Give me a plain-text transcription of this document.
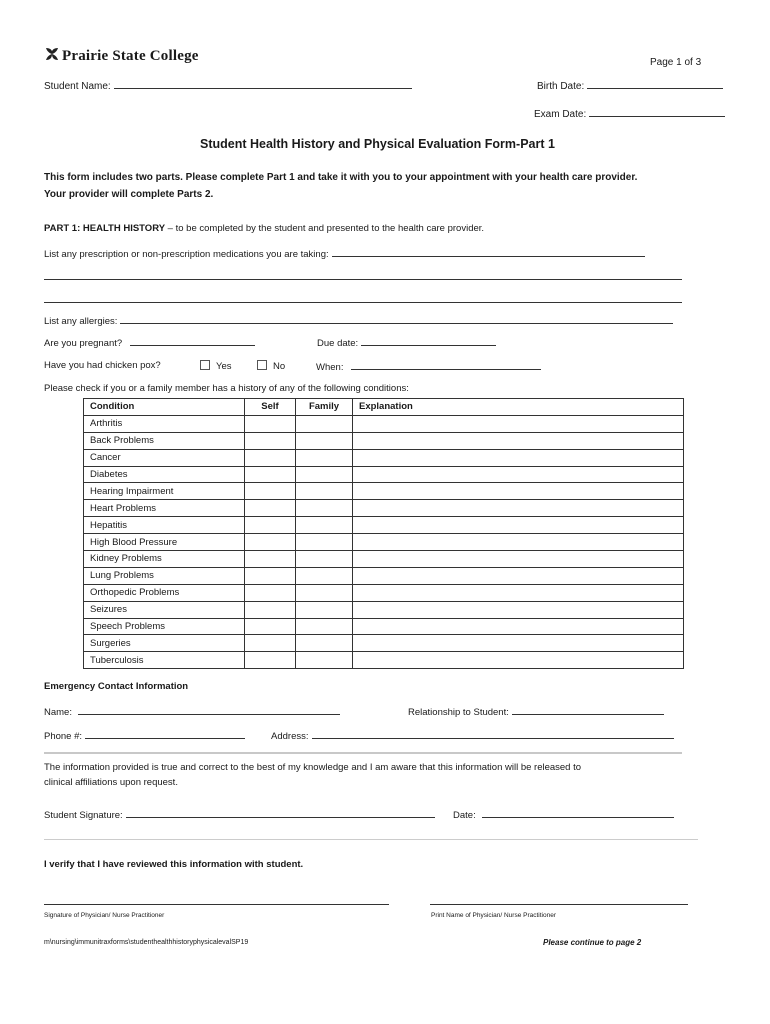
Prairie State College	Page 1 of 3
Student Name:	Birth Date:
Exam Date:
Student Health History and Physical Evaluation Form-Part 1
This form includes two parts. Please complete Part 1 and take it with you to your appointment with your health care provider.
Your provider will complete Parts 2.
PART 1: HEALTH HISTORY – to be completed by the student and presented to the health care provider.
List any prescription or non-prescription medications you are taking:
List any allergies:
Are you pregnant?	Due date:
Have you had chicken pox?	Yes	No	When:
Please check if you or a family member has a history of any of the following conditions:
Condition	Self	Family	Explanation
Arthritis			
Back Problems			
Cancer			
Diabetes			
Hearing Impairment			
Heart Problems			
Hepatitis			
High Blood Pressure			
Kidney Problems			
Lung Problems			
Orthopedic Problems			
Seizures			
Speech Problems			
Surgeries			
Tuberculosis			
Emergency Contact Information
Name:	Relationship to Student:
Phone #:	Address:
The information provided is true and correct to the best of my knowledge and I am aware that this information will be released to
clinical affiliations upon request.
Student Signature:	Date:
I verify that I have reviewed this information with student.
Signature of Physician/ Nurse Practitioner	Print Name of Physician/ Nurse Practitioner
m\nursing\immunitraxforms\studenthealthhistoryphysicalevalSP19	Please continue to page 2
